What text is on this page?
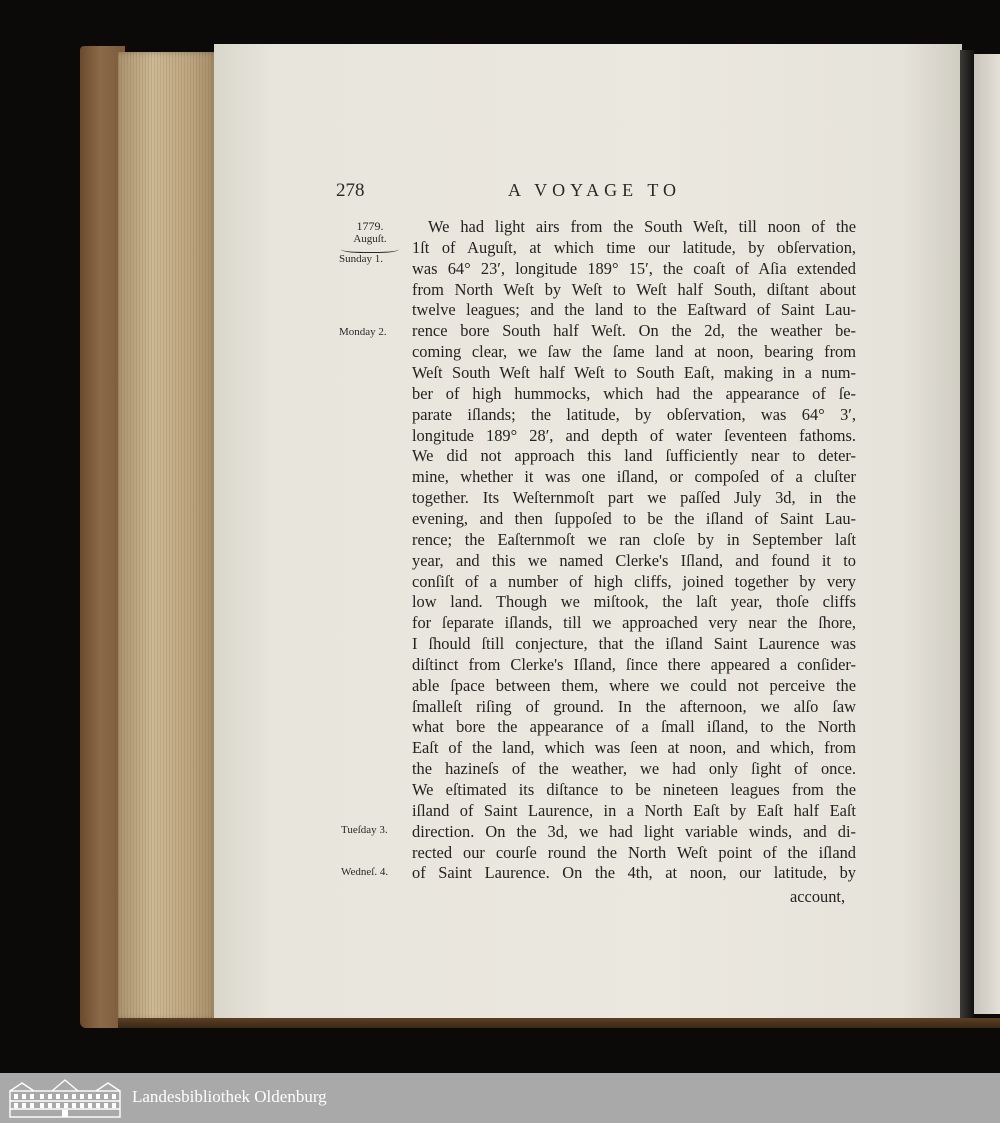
278	A VOYAGE TO
1779.
Auguſt.
Sunday 1.
Monday 2.
Tueſday 3.
Wedneſ. 4.
We had light airs from the South Weſt, till noon of the
1ſt of Auguſt, at which time our latitude, by obſervation,
was 64° 23′, longitude 189° 15′, the coaſt of Aſia extended
from North Weſt by Weſt to Weſt half South, diſtant about
twelve leagues; and the land to the Eaſtward of Saint Lau-
rence bore South half Weſt. On the 2d, the weather be-
coming clear, we ſaw the ſame land at noon, bearing from
Weſt South Weſt half Weſt to South Eaſt, making in a num-
ber of high hummocks, which had the appearance of ſe-
parate iſlands; the latitude, by obſervation, was 64° 3′,
longitude 189° 28′, and depth of water ſeventeen fathoms.
We did not approach this land ſufficiently near to deter-
mine, whether it was one iſland, or compoſed of a cluſter
together. Its Weſternmoſt part we paſſed July 3d, in the
evening, and then ſuppoſed to be the iſland of Saint Lau-
rence; the Eaſternmoſt we ran cloſe by in September laſt
year, and this we named Clerke's Iſland, and found it to
conſiſt of a number of high cliffs, joined together by very
low land. Though we miſtook, the laſt year, thoſe cliffs
for ſeparate iſlands, till we approached very near the ſhore,
I ſhould ſtill conjecture, that the iſland Saint Laurence was
diſtinct from Clerke's Iſland, ſince there appeared a conſider-
able ſpace between them, where we could not perceive the
ſmalleſt riſing of ground. In the afternoon, we alſo ſaw
what bore the appearance of a ſmall iſland, to the North
Eaſt of the land, which was ſeen at noon, and which, from
the hazineſs of the weather, we had only ſight of once.
We eſtimated its diſtance to be nineteen leagues from the
iſland of Saint Laurence, in a North Eaſt by Eaſt half Eaſt
direction. On the 3d, we had light variable winds, and di-
rected our courſe round the North Weſt point of the iſland
of Saint Laurence. On the 4th, at noon, our latitude, by
account,
Landesbibliothek Oldenburg
